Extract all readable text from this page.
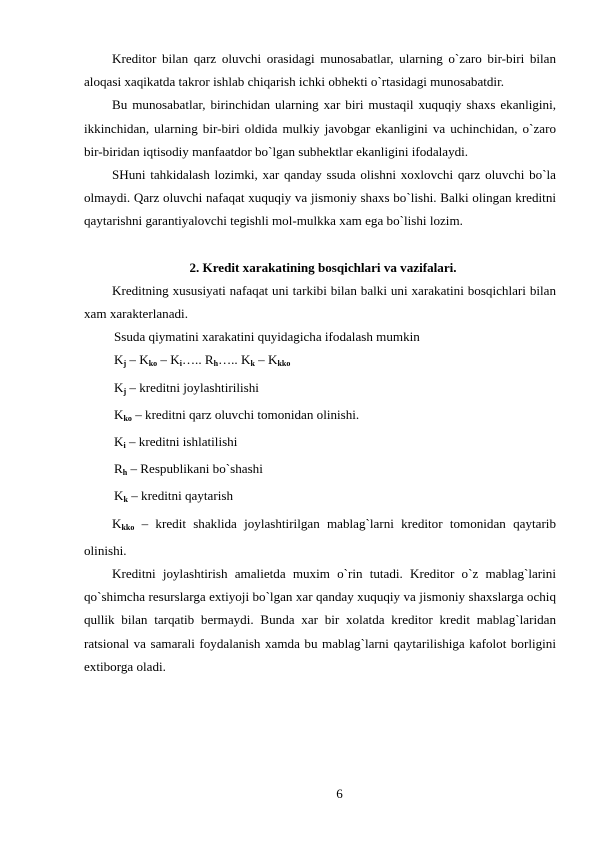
Kreditor bilan qarz oluvchi orasidagi munosabatlar, ularning o`zaro bir-biri bilan aloqasi xaqikatda takror ishlab chiqarish ichki obhekti o`rtasidagi munosabatdir.

Bu munosabatlar, birinchidan ularning xar biri mustaqil xuquqiy shaxs ekanligini, ikkinchidan, ularning bir-biri oldida mulkiy javobgar ekanligini va uchinchidan, o`zaro bir-biridan iqtisodiy manfaatdor bo`lgan subhektlar ekanligini ifodalaydi.

SHuni tahkidalash lozimki, xar qanday ssuda olishni xoxlovchi qarz oluvchi bo`la olmaydi. Qarz oluvchi nafaqat xuquqiy va jismoniy shaxs bo`lishi. Balki olingan kreditni qaytarishni garantiyalovchi tegishli mol-mulkka xam ega bo`lishi lozim.

2. Kredit xarakatining bosqichlari va vazifalari.

Kreditning xususiyati nafaqat uni tarkibi bilan balki uni xarakatini bosqichlari bilan xam xarakterlanadi.

Ssuda qiymatini xarakatini quyidagicha ifodalash mumkin

$K_j - K_{ko}$ – $K_i\dots$.. $R_h\dots$.. $K_k - K_{kko}$

$K_j$ – kreditni joylashtirilishi

$K_{ko}$ – kreditni qarz oluvchi tomonidan olinishi.

$K_i$ – kreditni ishlatilishi

$R_h$ – Respublikani bo`shashi

$K_k$ – kreditni qaytarish

$K_{kko}$ – kredit shaklida joylashtirilgan mablag`larni kreditor tomonidan qaytarib olinishi.

Kreditni joylashtirish amalietda muxim o`rin tutadi. Kreditor o`z mablag`larini qo`shimcha resurslarga extiyoji bo`lgan xar qanday xuquqiy va jismoniy shaxslarga ochiq qullik bilan tarqatib bermaydi. Bunda xar bir xolatda kreditor kredit mablag`laridan ratsional va samarali foydalanish xamda bu mablag`larni qaytarilishiga kafolot borligini extiborga oladi.

6
